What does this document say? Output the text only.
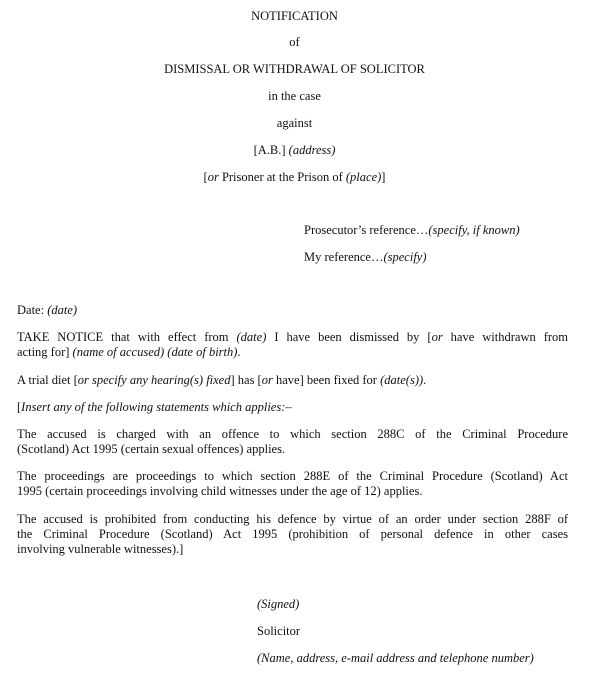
NOTIFICATION
of
DISMISSAL OR WITHDRAWAL OF SOLICITOR
in the case
against
[A.B.] (address)
[or Prisoner at the Prison of (place)]
Prosecutor’s reference…(specify, if known)
My reference…(specify)
Date: (date)
TAKE NOTICE that with effect from (date) I have been dismissed by [or have withdrawn from
acting for] (name of accused) (date of birth).
A trial diet [or specify any hearing(s) fixed] has [or have] been fixed for (date(s)).
[Insert any of the following statements which applies:–
The accused is charged with an offence to which section 288C of the Criminal Procedure
(Scotland) Act 1995 (certain sexual offences) applies.
The proceedings are proceedings to which section 288E of the Criminal Procedure (Scotland) Act
1995 (certain proceedings involving child witnesses under the age of 12) applies.
The accused is prohibited from conducting his defence by virtue of an order under section 288F of
the Criminal Procedure (Scotland) Act 1995 (prohibition of personal defence in other cases
involving vulnerable witnesses).]
(Signed)
Solicitor
(Name, address, e-mail address and telephone number)
